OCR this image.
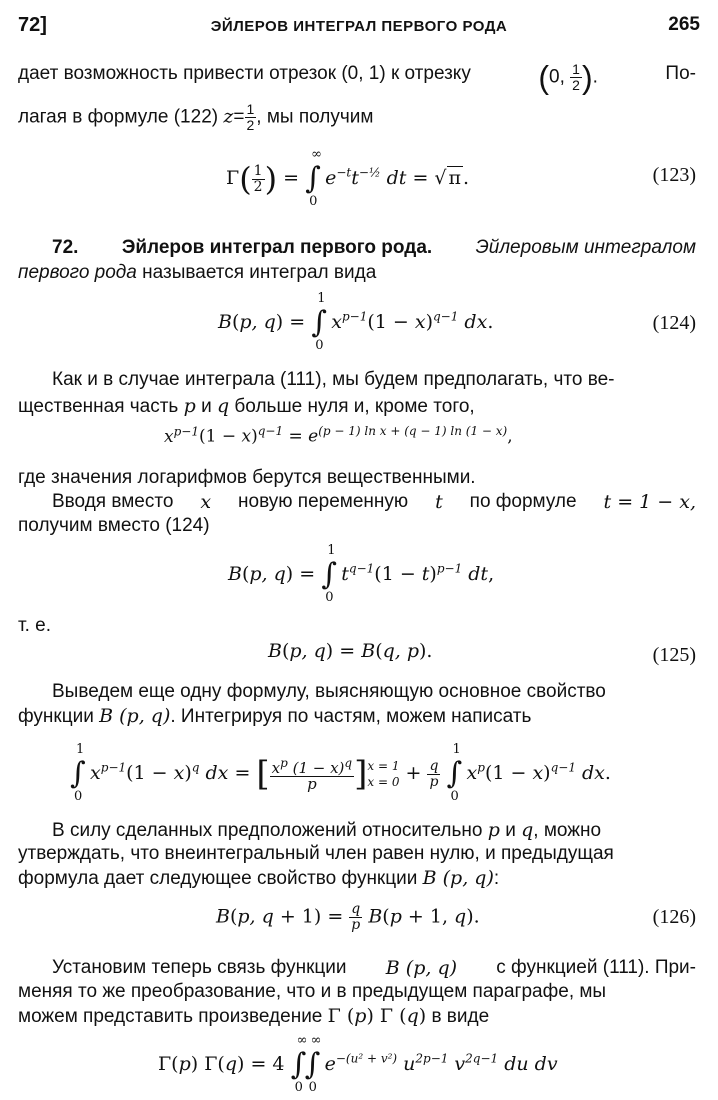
72]	ЭЙЛЕРОВ ИНТЕГРАЛ ПЕРВОГО РОДА	265
дает возможность привести отрезок (0, 1) к отрезку (0, $\frac{1}{2}$ ).	По-
лагая в формуле (122) $z= \frac{1}{2}$ , мы получим
$\Gamma( \frac{1}{2}$ ) = ∫
∞
0
$e^{-t}t^{-\frac{1}{2}}$ dt = √ π .	(123)
72. Эйлеров интеграл первого рода. Эйлеровым интегралом
первого рода называется интеграл вида
B(p, q) = ∫
1
0
$x^{p-1}(1 - x)^{q-1}$ dx.	(124)
Как и в случае интеграла (111), мы будем предполагать, что ве-
щественная часть p и q больше нуля и, кроме того,
$x^{p-1}(1 - x)^{q-1} = e^{(p - 1) ln x + (q - 1) ln (1 - x)}$,
где значения логарифмов берутся вещественными.
Вводя вместо x новую переменную t по формуле t = 1 − x,
получим вместо (124)
B(p, q) = ∫
1
0
$t^{q-1}(1 - t)^{p-1}$ dt,
т. е.
B(p, q) = B(q, p).	(125)
Выведем еще одну формулу, выясняющую основное свойство
функции B (p, q). Интегрируя по частям, можем написать
∫
1
0
$x^{p-1}(1 - x)^q$ dx = [ $\frac{x^p (1 - x)^q}{p}$ ] x = 1
$x = 0 + \frac{q}{p}$ ∫
1
0
$x^p(1 - x)^{q-1}$ dx.
В силу сделанных предположений относительно p и q, можно
утверждать, что внеинтегральный член равен нулю, и предыдущая
формула дает следующее свойство функции B (p, q):
B(p, $q + 1) = \frac{q}{p} B(p + 1$, q).	(126)
Установим теперь связь функции B (p, q) с функцией (111). При-
меняя то же преобразование, что и в предыдущем параграфе, мы
можем представить произведение Γ (p) Γ (q) в виде
Γ(p) Γ(q) = 4 ∫
∞
0
∫
∞
0
$e^{-(u^2 + v^2)}$ $u^{2p-1}$ $v^{2q-1}$ du dv
